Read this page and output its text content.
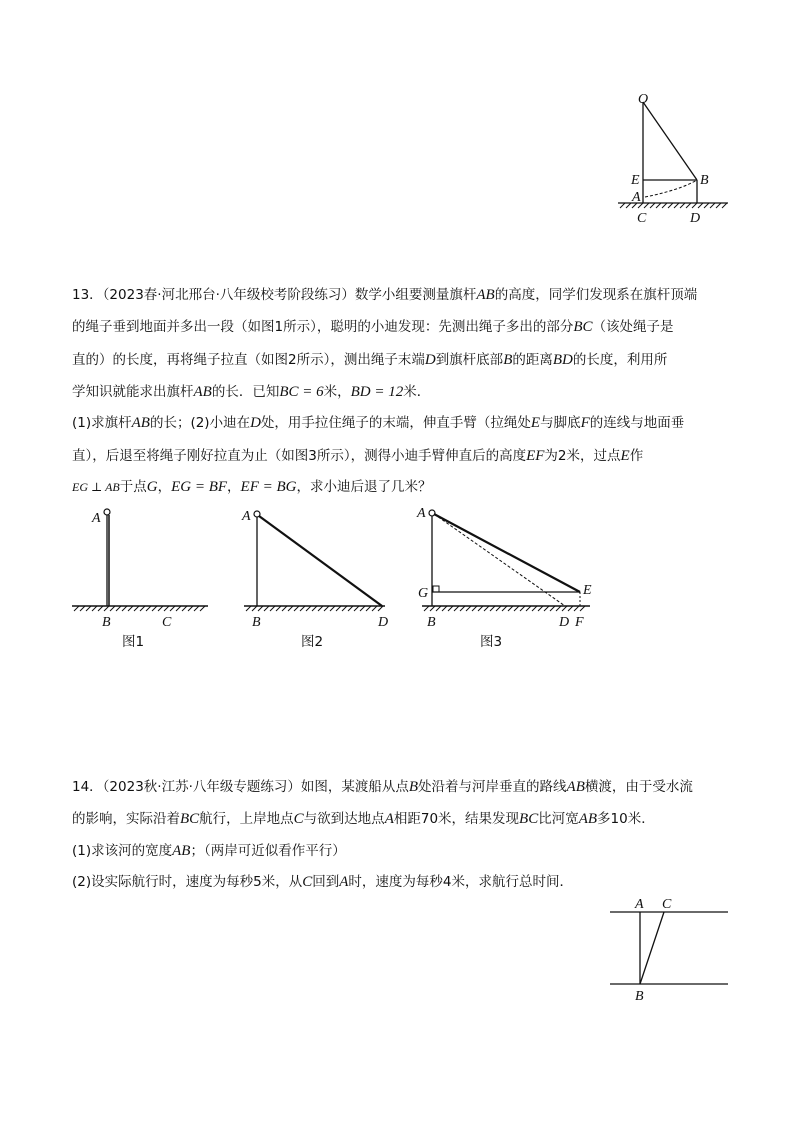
O
E	B
A
C	D
13．（2023春·河北邢台·八年级校考阶段练习）数学小组要测量旗杆AB的高度，同学们发现系在旗杆顶端
的绳子垂到地面并多出一段（如图1所示），聪明的小迪发现：先测出绳子多出的部分BC（该处绳子是
直的）的长度，再将绳子拉直（如图2所示），测出绳子末端D到旗杆底部B的距离BD的长度，利用所
学知识就能求出旗杆AB的长．已知BC = 6米，BD = 12米．
(1)求旗杆AB的长；(2)小迪在D处，用手拉住绳子的末端，伸直手臂（拉绳处E与脚底F的连线与地面垂
直），后退至将绳子刚好拉直为止（如图3所示），测得小迪手臂伸直后的高度EF为2米，过点E作
EG ⊥ AB于点G，EG = BF，EF = BG，求小迪后退了几米？
A
B	C
图1
A
B	D
图2
A
G	E
B	D F
图3
14．（2023秋·江苏·八年级专题练习）如图，某渡船从点B处沿着与河岸垂直的路线AB横渡，由于受水流
的影响，实际沿着BC航行，上岸地点C与欲到达地点A相距70米，结果发现BC比河宽AB多10米．
(1)求该河的宽度AB；（两岸可近似看作平行）
(2)设实际航行时，速度为每秒5米，从C回到A时，速度为每秒4米，求航行总时间．
A C
B
